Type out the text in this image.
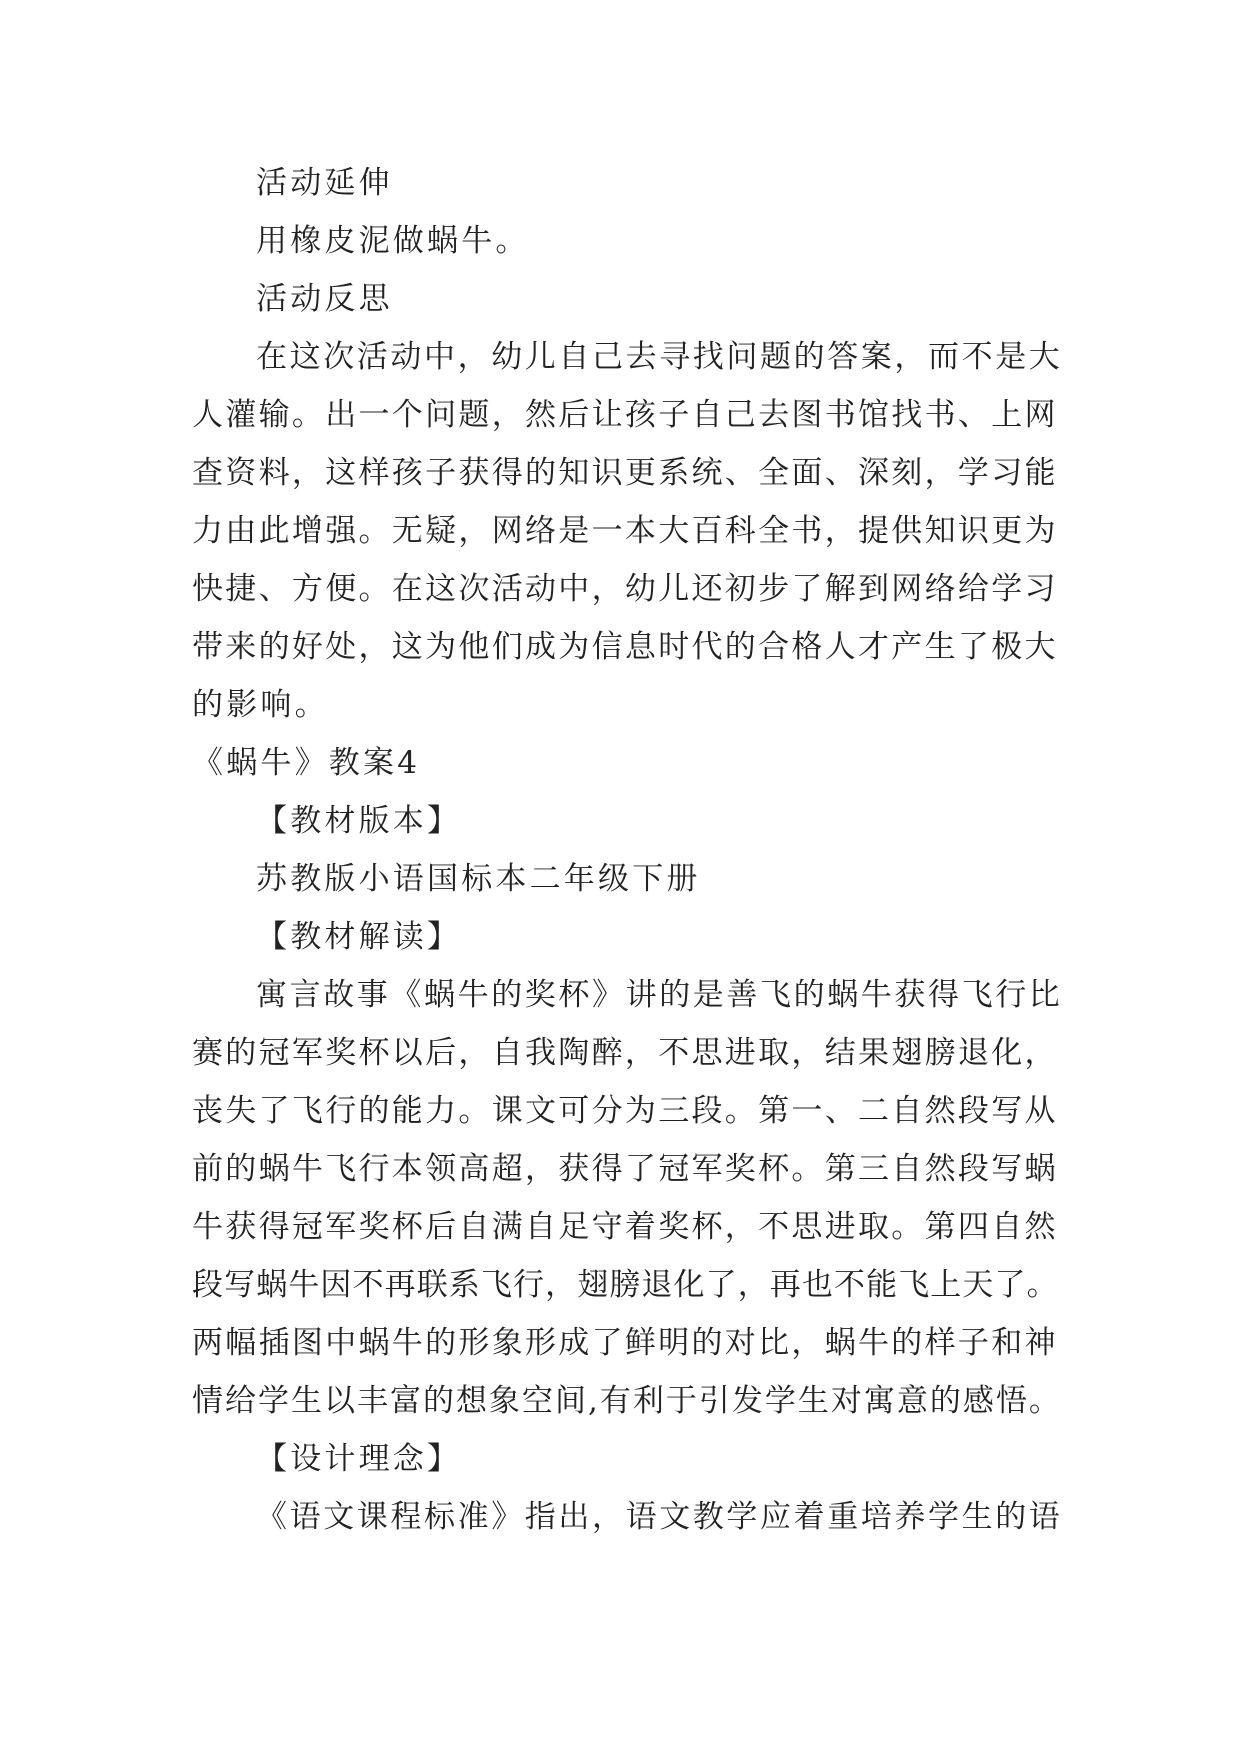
活动延伸
用橡皮泥做蜗牛。
活动反思
在这次活动中，幼儿自己去寻找问题的答案，而不是大
人灌输。出一个问题，然后让孩子自己去图书馆找书、上网
查资料，这样孩子获得的知识更系统、全面、深刻，学习能
力由此增强。无疑，网络是一本大百科全书，提供知识更为
快捷、方便。在这次活动中，幼儿还初步了解到网络给学习
带来的好处，这为他们成为信息时代的合格人才产生了极大
的影响。
《蜗牛》教案4
【教材版本】
苏教版小语国标本二年级下册
【教材解读】
寓言故事《蜗牛的奖杯》讲的是善飞的蜗牛获得飞行比
赛的冠军奖杯以后，自我陶醉，不思进取，结果翅膀退化，
丧失了飞行的能力。课文可分为三段。第一、二自然段写从
前的蜗牛飞行本领高超，获得了冠军奖杯。第三自然段写蜗
牛获得冠军奖杯后自满自足守着奖杯，不思进取。第四自然
段写蜗牛因不再联系飞行，翅膀退化了，再也不能飞上天了。
两幅插图中蜗牛的形象形成了鲜明的对比，蜗牛的样子和神
情给学生以丰富的想象空间,有利于引发学生对寓意的感悟。
【设计理念】
《语文课程标准》指出，语文教学应着重培养学生的语
